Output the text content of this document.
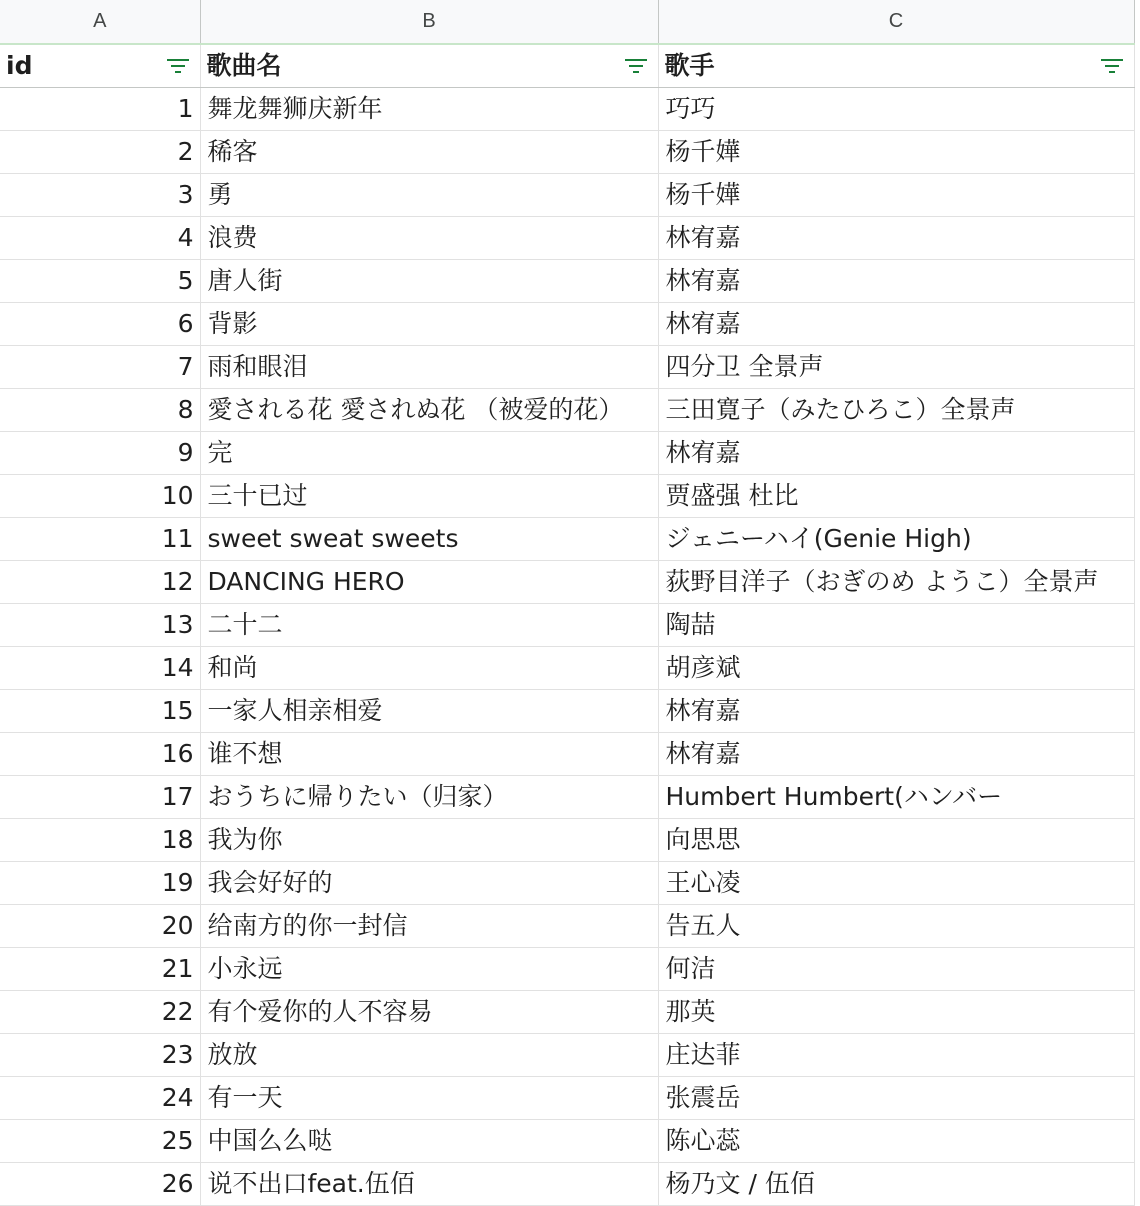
A	B	C
id	歌曲名	歌手

1	舞龙舞狮庆新年	巧巧
2	稀客	杨千嬅
3	勇	杨千嬅
4	浪费	林宥嘉
5	唐人街	林宥嘉
6	背影	林宥嘉
7	雨和眼泪	四分卫 全景声
8	愛される花 愛されぬ花 （被爱的花）	三田寛子（みたひろこ）全景声
9	完	林宥嘉
10	三十已过	贾盛强 杜比
11	sweet sweat sweets	ジェニーハイ(Genie High)
12	DANCING HERO	荻野目洋子（おぎのめ ようこ）全景声
13	二十二	陶喆
14	和尚	胡彦斌
15	一家人相亲相爱	林宥嘉
16	谁不想	林宥嘉
17	おうちに帰りたい（归家）	Humbert Humbert(ハンバー
18	我为你	向思思
19	我会好好的	王心凌
20	给南方的你一封信	告五人
21	小永远	何洁
22	有个爱你的人不容易	那英
23	放放	庄达菲
24	有一天	张震岳
25	中国么么哒	陈心蕊
26	说不出口feat.伍佰	杨乃文 / 伍佰
